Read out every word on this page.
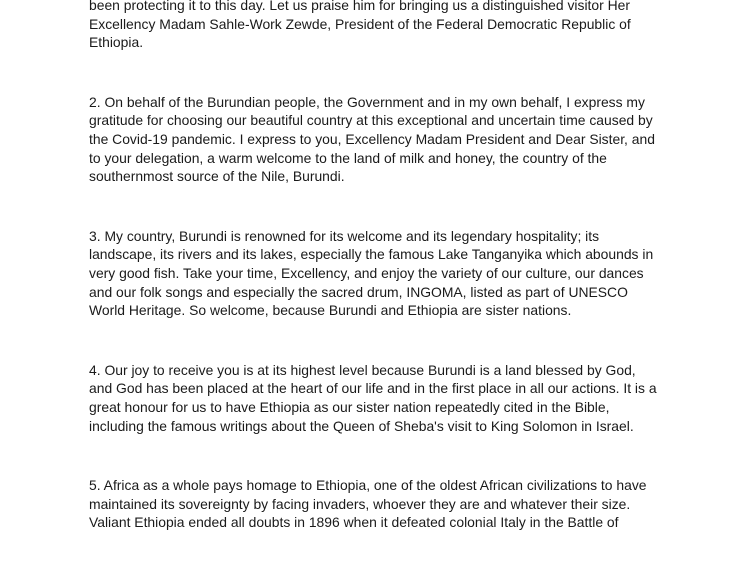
been protecting it to this day. Let us praise him for bringing us a distinguished visitor Her
Excellency Madam Sahle-Work Zewde, President of the Federal Democratic Republic of
Ethiopia.

2. On behalf of the Burundian people, the Government and in my own behalf, I express my
gratitude for choosing our beautiful country at this exceptional and uncertain time caused by
the Covid-19 pandemic. I express to you, Excellency Madam President and Dear Sister, and
to your delegation, a warm welcome to the land of milk and honey, the country of the
southernmost source of the Nile, Burundi.

3. My country, Burundi is renowned for its welcome and its legendary hospitality; its
landscape, its rivers and its lakes, especially the famous Lake Tanganyika which abounds in
very good fish. Take your time, Excellency, and enjoy the variety of our culture, our dances
and our folk songs and especially the sacred drum, INGOMA, listed as part of UNESCO
World Heritage. So welcome, because Burundi and Ethiopia are sister nations.

4. Our joy to receive you is at its highest level because Burundi is a land blessed by God,
and God has been placed at the heart of our life and in the first place in all our actions. It is a
great honour for us to have Ethiopia as our sister nation repeatedly cited in the Bible,
including the famous writings about the Queen of Sheba's visit to King Solomon in Israel.

5. Africa as a whole pays homage to Ethiopia, one of the oldest African civilizations to have
maintained its sovereignty by facing invaders, whoever they are and whatever their size.
Valiant Ethiopia ended all doubts in 1896 when it defeated colonial Italy in the Battle of
